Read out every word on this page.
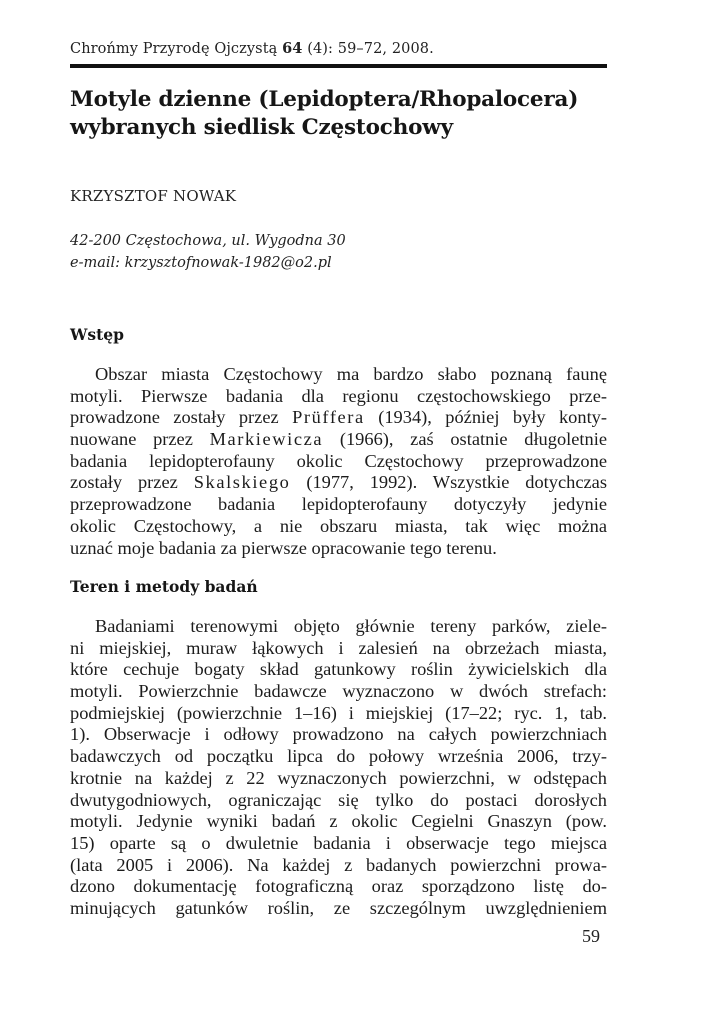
Chrońmy Przyrodę Ojczystą 64 (4): 59–72, 2008.
Motyle dzienne (Lepidoptera/Rhopalocera)
wybranych siedlisk Częstochowy
KRZYSZTOF NOWAK
42-200 Częstochowa, ul. Wygodna 30
e-mail: krzysztofnowak-1982@o2.pl
Wstęp
Obszar miasta Częstochowy ma bardzo słabo poznaną faunę
motyli. Pierwsze badania dla regionu częstochowskiego prze-
prowadzone zostały przez Prüffera (1934), później były konty-
nuowane przez Markiewicza (1966), zaś ostatnie długoletnie
badania lepidopterofauny okolic Częstochowy przeprowadzone
zostały przez Skalskiego (1977, 1992). Wszystkie dotychczas
przeprowadzone badania lepidopterofauny dotyczyły jedynie
okolic Częstochowy, a nie obszaru miasta, tak więc można
uznać moje badania za pierwsze opracowanie tego terenu.
Teren i metody badań
Badaniami terenowymi objęto głównie tereny parków, ziele-
ni miejskiej, muraw łąkowych i zalesień na obrzeżach miasta,
które cechuje bogaty skład gatunkowy roślin żywicielskich dla
motyli. Powierzchnie badawcze wyznaczono w dwóch strefach:
podmiejskiej (powierzchnie 1–16) i miejskiej (17–22; ryc. 1, tab.
1). Obserwacje i odłowy prowadzono na całych powierzchniach
badawczych od początku lipca do połowy września 2006, trzy-
krotnie na każdej z 22 wyznaczonych powierzchni, w odstępach
dwutygodniowych, ograniczając się tylko do postaci dorosłych
motyli. Jedynie wyniki badań z okolic Cegielni Gnaszyn (pow.
15) oparte są o dwuletnie badania i obserwacje tego miejsca
(lata 2005 i 2006). Na każdej z badanych powierzchni prowa-
dzono dokumentację fotograficzną oraz sporządzono listę do-
minujących gatunków roślin, ze szczególnym uwzględnieniem
59
